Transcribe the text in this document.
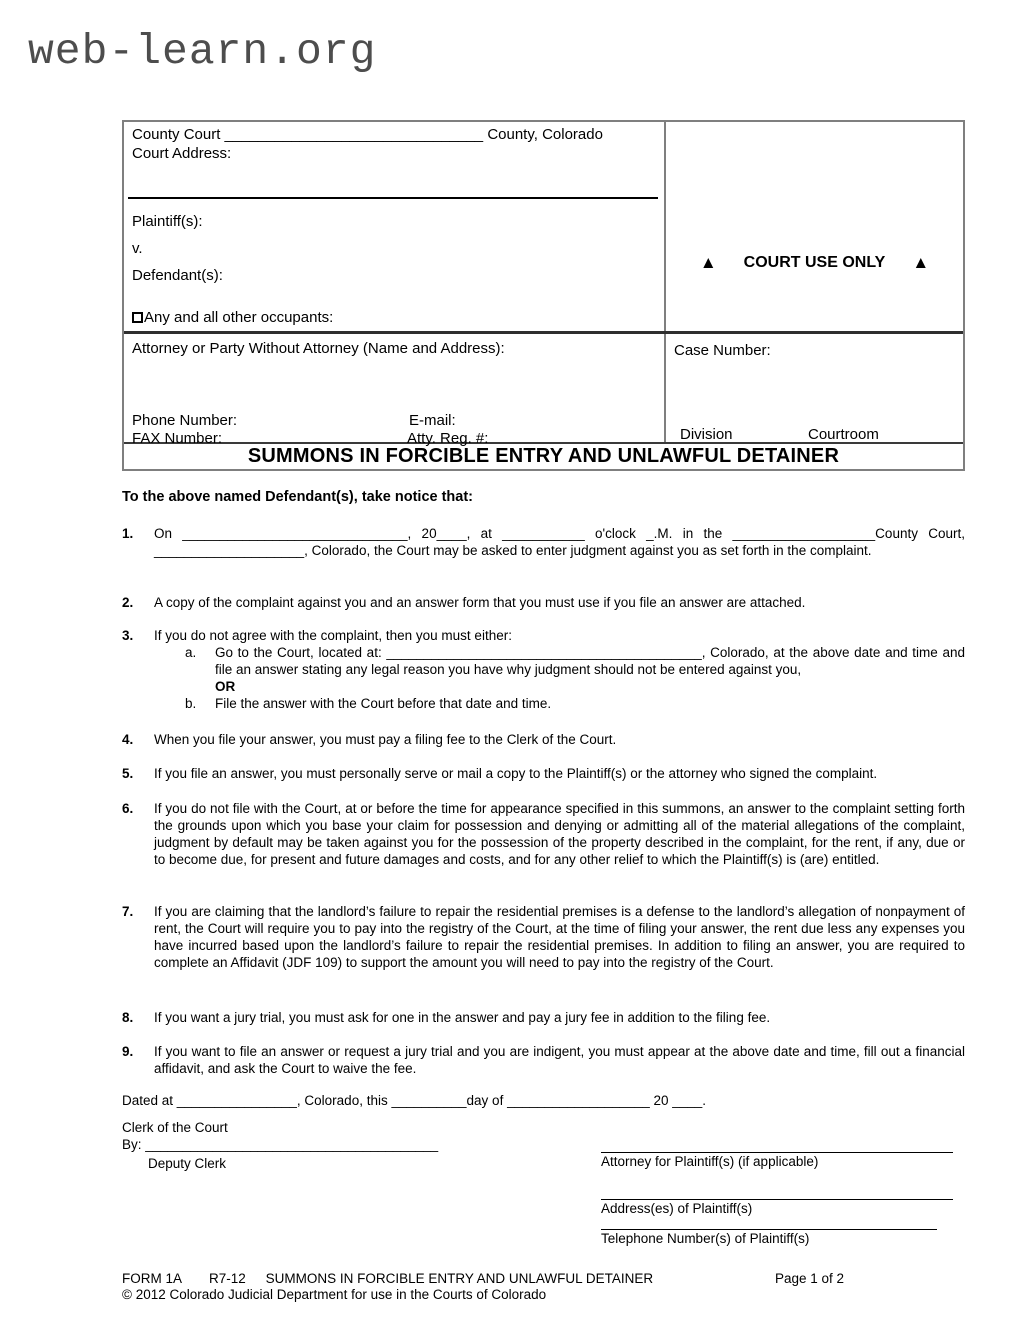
web-learn.org
County Court _______________________________ County, Colorado
Court Address:
Plaintiff(s):
v.
Defendant(s):
Any and all other occupants:
▲ COURT USE ONLY ▲
Attorney or Party Without Attorney (Name and Address):
Phone Number:	E-mail:
FAX Number:	Atty. Reg. #:
Case Number:
Division	Courtroom
SUMMONS IN FORCIBLE ENTRY AND UNLAWFUL DETAINER
To the above named Defendant(s), take notice that:
1.	On ______________________________, 20____, at ___________ o'clock _.M. in the ___________________County Court, ____________________, Colorado, the Court may be asked to enter judgment against you as set forth in the complaint.
2.	A copy of the complaint against you and an answer form that you must use if you file an answer are attached.
3.	If you do not agree with the complaint, then you must either:
a.	Go to the Court, located at: __________________________________________, Colorado, at the above date and time and file an answer stating any legal reason you have why judgment should not be entered against you,
OR
b.	File the answer with the Court before that date and time.
4.	When you file your answer, you must pay a filing fee to the Clerk of the Court.
5.	If you file an answer, you must personally serve or mail a copy to the Plaintiff(s) or the attorney who signed the complaint.
6.	If you do not file with the Court, at or before the time for appearance specified in this summons, an answer to the complaint setting forth the grounds upon which you base your claim for possession and denying or admitting all of the material allegations of the complaint, judgment by default may be taken against you for the possession of the property described in the complaint, for the rent, if any, due or to become due, for present and future damages and costs, and for any other relief to which the Plaintiff(s) is (are) entitled.
7.	If you are claiming that the landlord’s failure to repair the residential premises is a defense to the landlord’s allegation of nonpayment of rent, the Court will require you to pay into the registry of the Court, at the time of filing your answer, the rent due less any expenses you have incurred based upon the landlord’s failure to repair the residential premises. In addition to filing an answer, you are required to complete an Affidavit (JDF 109) to support the amount you will need to pay into the registry of the Court.
8.	If you want a jury trial, you must ask for one in the answer and pay a jury fee in addition to the filing fee.
9.	If you want to file an answer or request a jury trial and you are indigent, you must appear at the above date and time, fill out a financial affidavit, and ask the Court to waive the fee.
Dated at ________________, Colorado, this __________day of ___________________ 20 ____.
Clerk of the Court
By: _______________________________________
Deputy Clerk	Attorney for Plaintiff(s) (if applicable)
Address(es) of Plaintiff(s)
Telephone Number(s) of Plaintiff(s)
FORM 1A R7-12 SUMMONS IN FORCIBLE ENTRY AND UNLAWFUL DETAINER	Page 1 of 2
© 2012 Colorado Judicial Department for use in the Courts of Colorado
